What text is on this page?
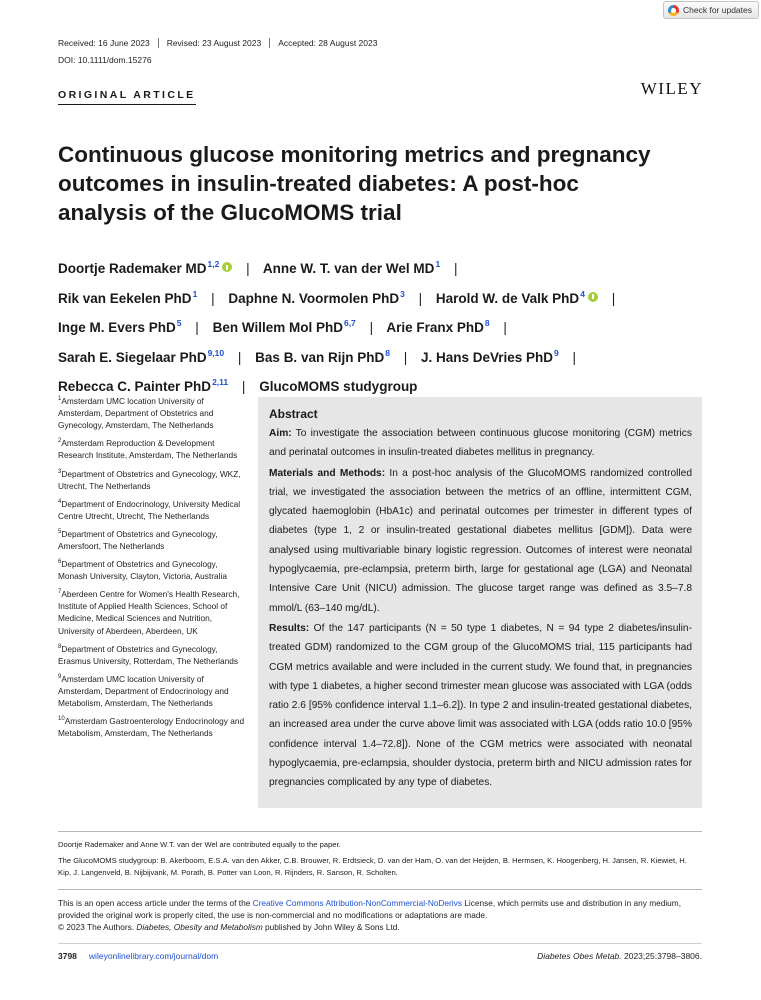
Check for updates
Received: 16 June 2023	Revised: 23 August 2023	Accepted: 28 August 2023
DOI: 10.1111/dom.15276
ORIGINAL ARTICLE	WILEY
Continuous glucose monitoring metrics and pregnancy outcomes in insulin-treated diabetes: A post-hoc analysis of the GlucoMOMS trial
Doortje Rademaker MD$^{1,2}$ | Anne W. T. van der Wel $MD^1$ |
Rik van Eekelen PhD$^1$ | Daphne N. Voormolen PhD$^3$ | Harold W. de Valk PhD$^4$ |
Inge M. Evers PhD$^5$ | Ben Willem Mol PhD$^{6,7}$ | Arie Franx PhD$^8$ |
Sarah E. Siegelaar PhD$^{9,10}$ | Bas B. van Rijn PhD$^8$ | J. Hans DeVries PhD$^9$ |
Rebecca C. Painter PhD$^{2,11}$ | GlucoMOMS studygroup

$^1$Amsterdam UMC location University of Amsterdam, Department of Obstetrics and Gynecology, Amsterdam, The Netherlands

$^2$Amsterdam Reproduction & Development Research Institute, Amsterdam, The Netherlands

$^3$Department of Obstetrics and Gynecology, WKZ, Utrecht, The Netherlands

$^4$Department of Endocrinology, University Medical Centre Utrecht, Utrecht, The Netherlands

$^5$Department of Obstetrics and Gynecology, Amersfoort, The Netherlands

$^6$Department of Obstetrics and Gynecology, Monash University, Clayton, Victoria, Australia

$^7$Aberdeen Centre for Women's Health Research, Institute of Applied Health Sciences, School of Medicine, Medical Sciences and Nutrition, University of Aberdeen, Aberdeen, UK

$^8$Department of Obstetrics and Gynecology, Erasmus University, Rotterdam, The Netherlands

$^9$Amsterdam UMC location University of Amsterdam, Department of Endocrinology and Metabolism, Amsterdam, The Netherlands

$^{10}$Amsterdam Gastroenterology Endocrinology and Metabolism, Amsterdam, The Netherlands

Abstract

Aim: To investigate the association between continuous glucose monitoring (CGM) metrics and perinatal outcomes in insulin-treated diabetes mellitus in pregnancy.

Materials and Methods: In a post-hoc analysis of the GlucoMOMS randomized controlled trial, we investigated the association between the metrics of an offline, intermittent CGM, glycated haemoglobin (HbA1c) and perinatal outcomes per trimester in different types of diabetes (type 1, 2 or insulin-treated gestational diabetes mellitus [GDM]). Data were analysed using multivariable binary logistic regression. Outcomes of interest were neonatal hypoglycaemia, pre-eclampsia, preterm birth, large for gestational age (LGA) and Neonatal Intensive Care Unit (NICU) admission. The glucose target range was defined as 3.5–7.8 mmol/L (63–140 mg/dL).

Results: Of the 147 participants (N = 50 type 1 diabetes, N = 94 type 2 diabetes/insulin-treated GDM) randomized to the CGM group of the GlucoMOMS trial, 115 participants had CGM metrics available and were included in the current study. We found that, in pregnancies with type 1 diabetes, a higher second trimester mean glucose was associated with LGA (odds ratio 2.6 [95% confidence interval 1.1–6.2]). In type 2 and insulin-treated gestational diabetes, an increased area under the curve above limit was associated with LGA (odds ratio 10.0 [95% confidence interval 1.4–72.8]). None of the CGM metrics were associated with neonatal hypoglycaemia, pre-eclampsia, shoulder dystocia, preterm birth and NICU admission rates for pregnancies complicated by any type of diabetes.

Doortje Rademaker and Anne W.T. van der Wel are contributed equally to the paper.
The GlucoMOMS studygroup: B. Akerboom, E.S.A. van den Akker, C.B. Brouwer, R. Erdtsieck, D. van der Ham, O. van der Heijden, B. Hermsen, K. Hoogenberg, H. Jansen, R. Kiewiet, H. Kip, J. Langenveld, B. Nijbijvank, M. Porath, B. Potter van Loon, R. Rijnders, R. Sanson, R. Scholten.
This is an open access article under the terms of the Creative Commons Attribution-NonCommercial-NoDerivs License, which permits use and distribution in any medium, provided the original work is properly cited, the use is non-commercial and no modifications or adaptations are made.
© 2023 The Authors. Diabetes, Obesity and Metabolism published by John Wiley & Sons Ltd.
3798 wileyonlinelibrary.com/journal/dom	Diabetes Obes Metab. 2023;25:3798–3806.
